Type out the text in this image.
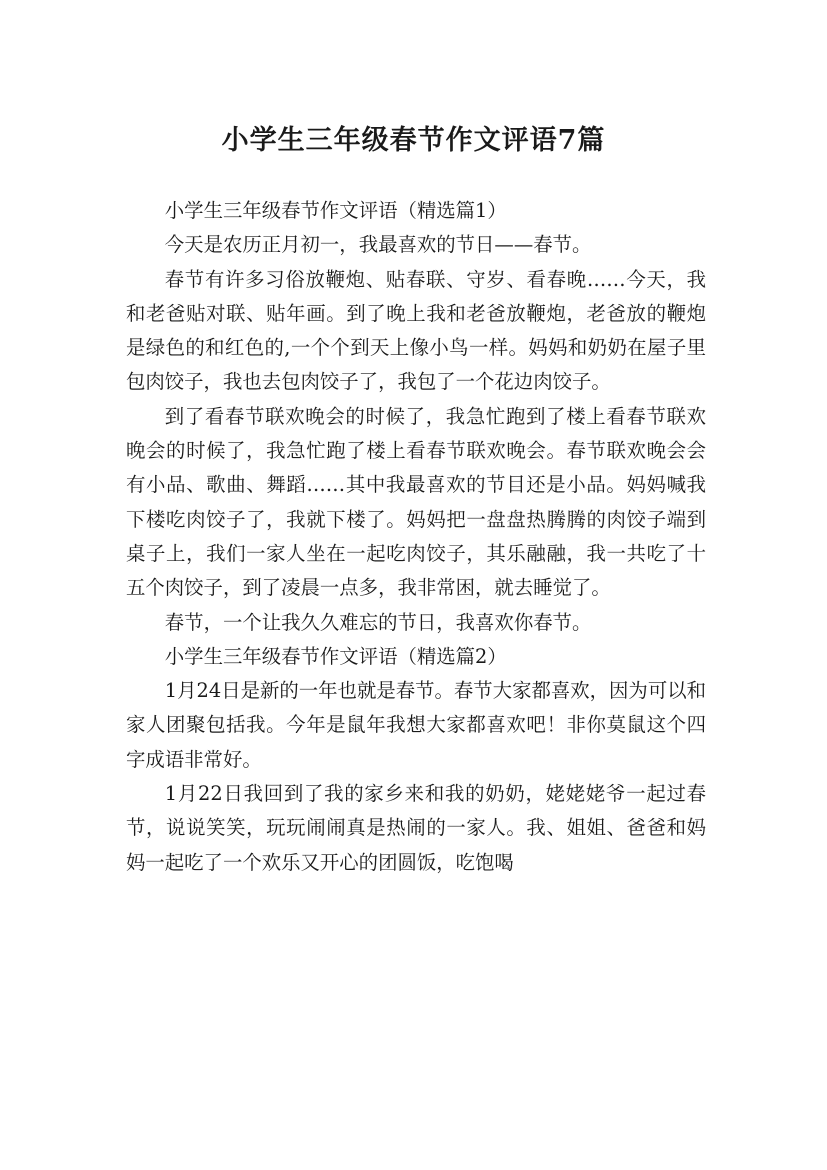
小学生三年级春节作文评语7篇

小学生三年级春节作文评语（精选篇1）

今天是农历正月初一，我最喜欢的节日——春节。

春节有许多习俗放鞭炮、贴春联、守岁、看春晚……今天，我和老爸贴对联、贴年画。到了晚上我和老爸放鞭炮，老爸放的鞭炮是绿色的和红色的,一个个到天上像小鸟一样。妈妈和奶奶在屋子里包肉饺子，我也去包肉饺子了，我包了一个花边肉饺子。

到了看春节联欢晚会的时候了，我急忙跑到了楼上看春节联欢晚会的时候了，我急忙跑了楼上看春节联欢晚会。春节联欢晚会会有小品、歌曲、舞蹈……其中我最喜欢的节目还是小品。妈妈喊我下楼吃肉饺子了，我就下楼了。妈妈把一盘盘热腾腾的肉饺子端到桌子上，我们一家人坐在一起吃肉饺子，其乐融融，我一共吃了十五个肉饺子，到了凌晨一点多，我非常困，就去睡觉了。

春节，一个让我久久难忘的节日，我喜欢你春节。

小学生三年级春节作文评语（精选篇2）

1月24日是新的一年也就是春节。春节大家都喜欢，因为可以和家人团聚包括我。今年是鼠年我想大家都喜欢吧！非你莫鼠这个四字成语非常好。

1月22日我回到了我的家乡来和我的奶奶，姥姥姥爷一起过春节，说说笑笑，玩玩闹闹真是热闹的一家人。我、姐姐、爸爸和妈妈一起吃了一个欢乐又开心的团圆饭，吃饱喝
